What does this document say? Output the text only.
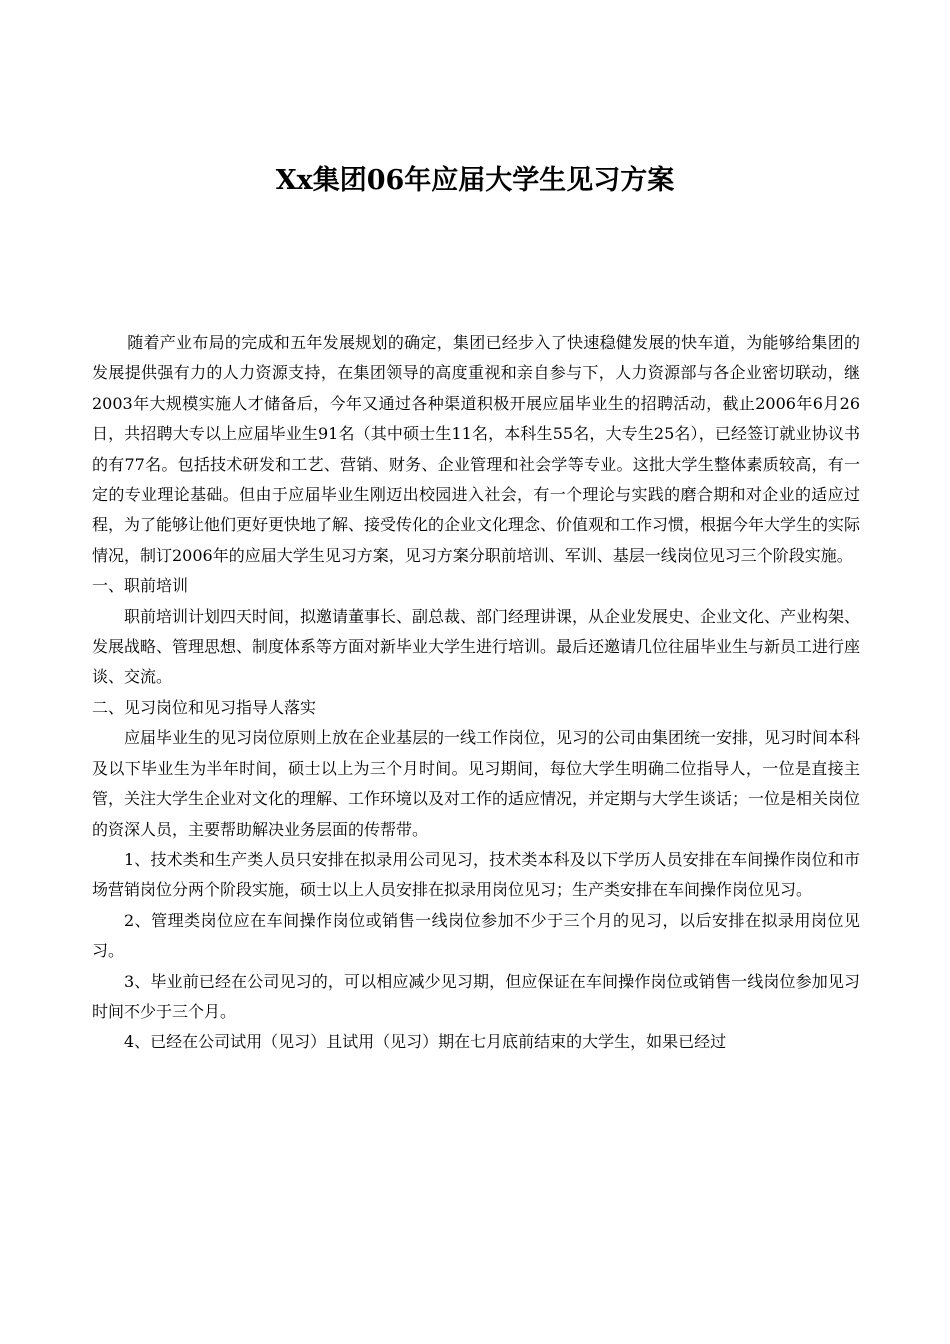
Xx集团06年应届大学生见习方案

随着产业布局的完成和五年发展规划的确定，集团已经步入了快速稳健发展的快车道，为能够给集团的发展提供强有力的人力资源支持，在集团领导的高度重视和亲自参与下，人力资源部与各企业密切联动，继2003年大规模实施人才储备后，今年又通过各种渠道积极开展应届毕业生的招聘活动，截止2006年6月26日，共招聘大专以上应届毕业生91名（其中硕士生11名，本科生55名，大专生25名），已经签订就业协议书的有77名。包括技术研发和工艺、营销、财务、企业管理和社会学等专业。这批大学生整体素质较高，有一定的专业理论基础。但由于应届毕业生刚迈出校园进入社会，有一个理论与实践的磨合期和对企业的适应过程，为了能够让他们更好更快地了解、接受传化的企业文化理念、价值观和工作习惯，根据今年大学生的实际情况，制订2006年的应届大学生见习方案，见习方案分职前培训、军训、基层一线岗位见习三个阶段实施。

一、职前培训

职前培训计划四天时间，拟邀请董事长、副总裁、部门经理讲课，从企业发展史、企业文化、产业构架、发展战略、管理思想、制度体系等方面对新毕业大学生进行培训。最后还邀请几位往届毕业生与新员工进行座谈、交流。

二、见习岗位和见习指导人落实

应届毕业生的见习岗位原则上放在企业基层的一线工作岗位，见习的公司由集团统一安排，见习时间本科及以下毕业生为半年时间，硕士以上为三个月时间。见习期间，每位大学生明确二位指导人，一位是直接主管，关注大学生企业对文化的理解、工作环境以及对工作的适应情况，并定期与大学生谈话；一位是相关岗位的资深人员，主要帮助解决业务层面的传帮带。

1、技术类和生产类人员只安排在拟录用公司见习，技术类本科及以下学历人员安排在车间操作岗位和市场营销岗位分两个阶段实施，硕士以上人员安排在拟录用岗位见习；生产类安排在车间操作岗位见习。

2、管理类岗位应在车间操作岗位或销售一线岗位参加不少于三个月的见习，以后安排在拟录用岗位见习。

3、毕业前已经在公司见习的，可以相应减少见习期，但应保证在车间操作岗位或销售一线岗位参加见习时间不少于三个月。

4、已经在公司试用（见习）且试用（见习）期在七月底前结束的大学生，如果已经过
